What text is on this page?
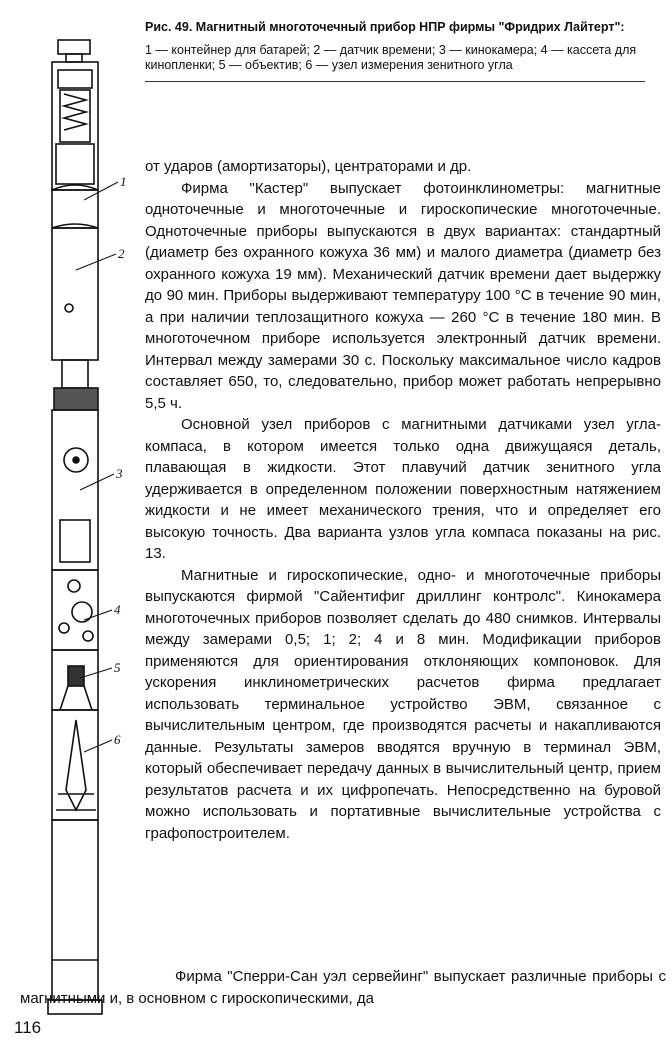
1
2
3
4
5
6
Рис. 49. Магнитный многоточечный прибор НПР фирмы "Фридрих Лайтерт":
1 — контейнер для батарей; 2 — датчик времени; 3 — кинокамера; 4 — кассета для кинопленки; 5 — объектив; 6 — узел измерения зенитного угла

от ударов (амортизаторы), центраторами и др.

Фирма "Кастер" выпускает фотоинклинометры: магнитные одноточечные и многоточечные и гироскопические многоточечные. Одноточечные приборы выпускаются в двух вариантах: стандартный (диаметр без охранного кожуха 36 мм) и малого диаметра (диаметр без охранного кожуха 19 мм). Механический датчик времени дает выдержку до 90 мин. Приборы выдерживают температуру 100 °С в течение 90 мин, а при наличии теплозащитного кожуха — 260 °С в течение 180 мин. В многоточечном приборе используется электронный датчик времени. Интервал между замерами 30 с. Поскольку максимальное число кадров составляет 650, то, следовательно, прибор может работать непрерывно 5,5 ч.

Основной узел приборов с магнитными датчиками узел угла-компаса, в котором имеется только одна движущаяся деталь, плавающая в жидкости. Этот плавучий датчик зенитного угла удерживается в определенном положении поверхностным натяжением жидкости и не имеет механического трения, что и определяет его высокую точность. Два варианта узлов угла компаса показаны на рис. 13.

Магнитные и гироскопические, одно- и многоточечные приборы выпускаются фирмой "Сайентифиг дриллинг контролс". Кинокамера многоточечных приборов позволяет сделать до 480 снимков. Интервалы между замерами 0,5; 1; 2; 4 и 8 мин. Модификации приборов применяются для ориентирования отклоняющих компоновок. Для ускорения инклинометрических расчетов фирма предлагает использовать терминальное устройство ЭВМ, связанное с вычислительным центром, где производятся расчеты и накапливаются данные. Результаты замеров вводятся вручную в терминал ЭВМ, который обеспечивает передачу данных в вычислительный центр, прием результатов расчета и их цифропечать. Непосредственно на буровой можно использовать и портативные вычислительные устройства с графопостроителем.

Фирма "Сперри-Сан уэл сервейинг" выпускает различные приборы с магнитными и, в основном с гироскопическими, да

116
